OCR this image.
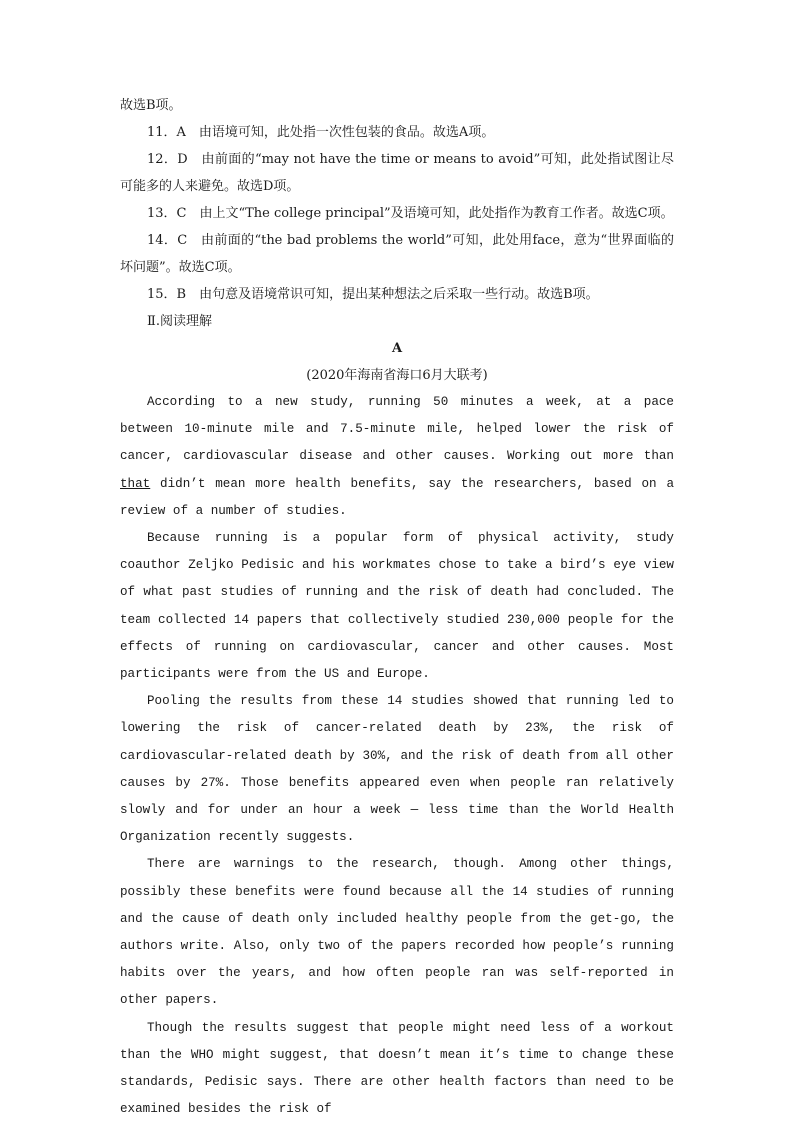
故选B项。

11．A　由语境可知，此处指一次性包装的食品。故选A项。

12．D　由前面的“may not have the time or means to avoid”可知，此处指试图让尽可能多的人来避免。故选D项。

13．C　由上文“The college principal”及语境可知，此处指作为教育工作者。故选C项。

14．C　由前面的“the bad problems the world”可知，此处用face，意为“世界面临的坏问题”。故选C项。

15．B　由句意及语境常识可知，提出某种想法之后采取一些行动。故选B项。

Ⅱ.阅读理解

A

(2020年海南省海口6月大联考)

According to a new study, running 50 minutes a week, at a pace between 10-minute mile and 7.5-minute mile, helped lower the risk of cancer, cardiovascular disease and other causes. Working out more than that didn’t mean more health benefits, say the researchers, based on a review of a number of studies.

Because running is a popular form of physical activity, study coauthor Zeljko Pedisic and his workmates chose to take a bird’s eye view of what past studies of running and the risk of death had concluded. The team collected 14 papers that collectively studied 230,000 people for the effects of running on cardiovascular, cancer and other causes. Most participants were from the US and Europe.

Pooling the results from these 14 studies showed that running led to lowering the risk of cancer-related death by 23%, the risk of cardiovascular-related death by 30%, and the risk of death from all other causes by 27%. Those benefits appeared even when people ran relatively slowly and for under an hour a week — less time than the World Health Organization recently suggests.

There are warnings to the research, though. Among other things, possibly these benefits were found because all the 14 studies of running and the cause of death only included healthy people from the get-go, the authors write. Also, only two of the papers recorded how people’s running habits over the years, and how often people ran was self-reported in other papers.

Though the results suggest that people might need less of a workout than the WHO might suggest, that doesn’t mean it’s time to change these standards, Pedisic says. There are other health factors than need to be examined besides the risk of
